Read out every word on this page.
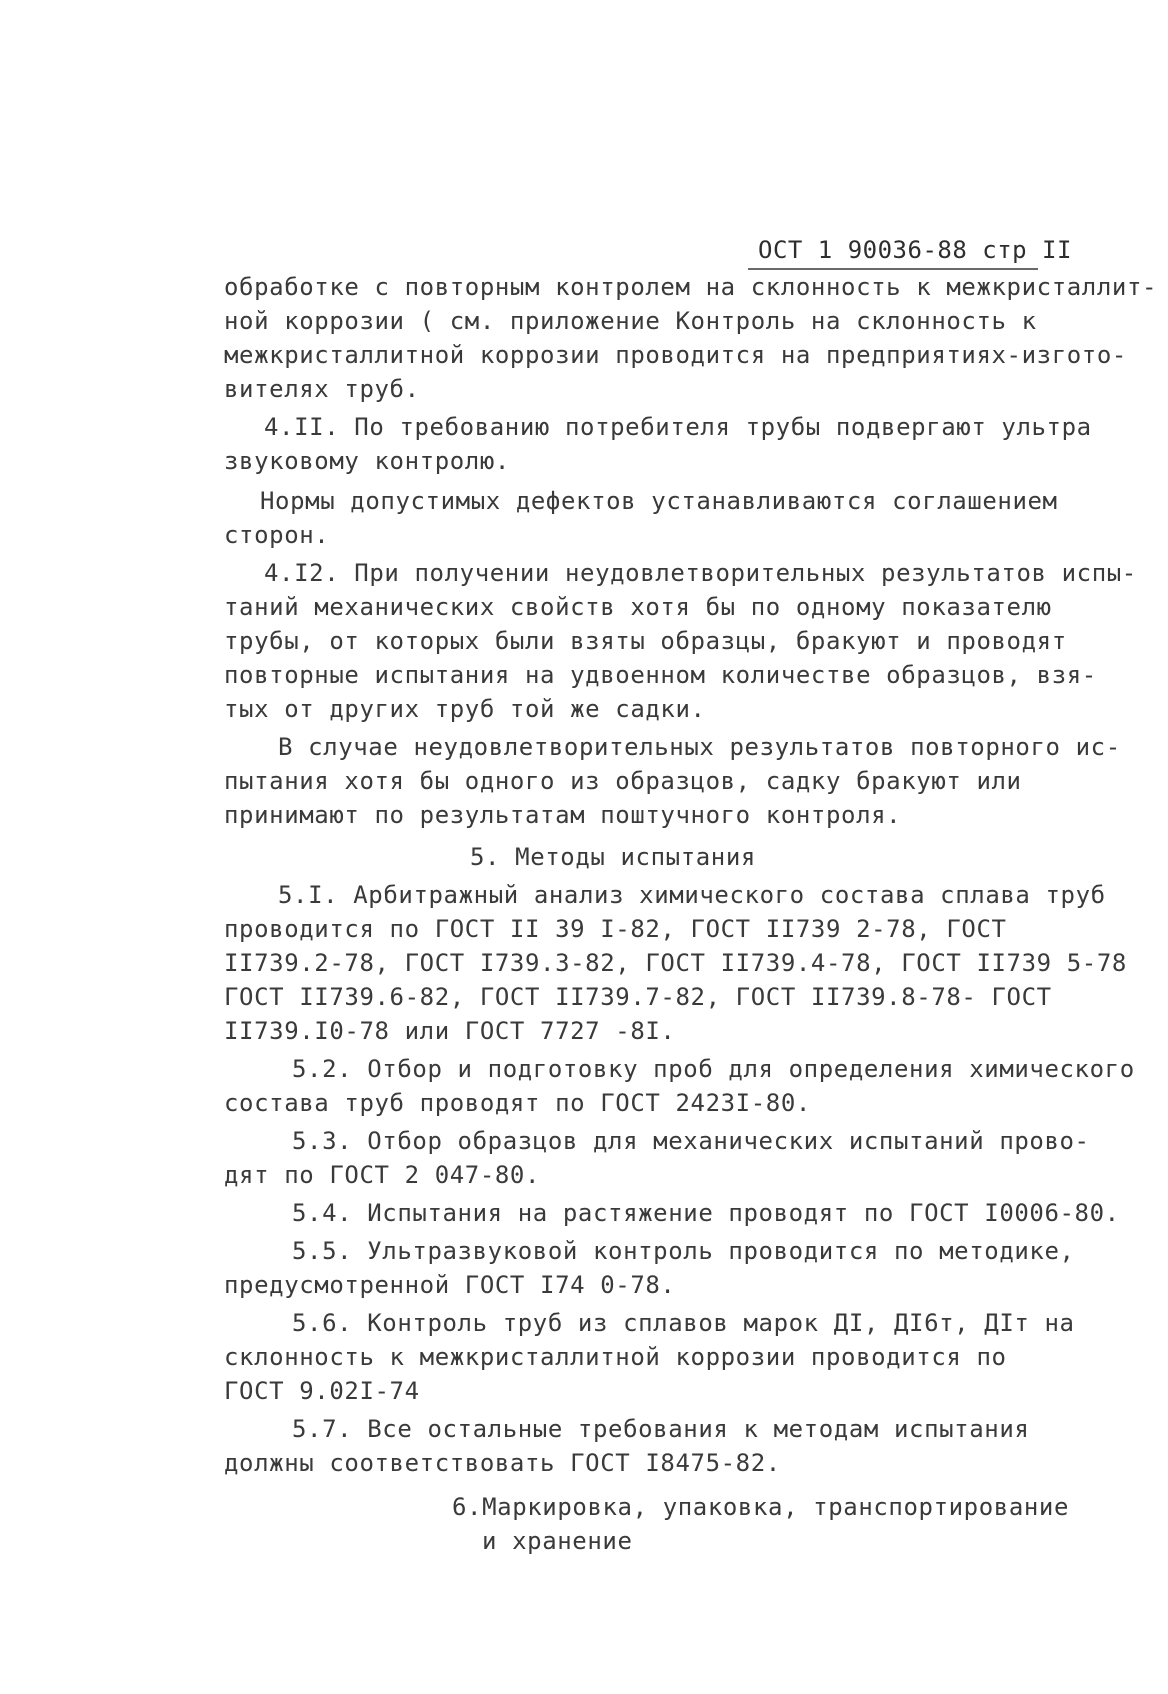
ОСТ 1 90036-88 стр II
обработке с повторным контролем на склонность к межкристаллит-
ной коррозии ( см. приложение Контроль на склонность к
межкристаллитной коррозии проводится на предприятиях-изгото-
вителях труб.
4.II. По требованию потребителя трубы подвергают ультра
звуковому контролю.
Нормы допустимых дефектов устанавливаются соглашением
сторон.
4.I2. При получении неудовлетворительных результатов испы-
таний механических свойств хотя бы по одному показателю
трубы, от которых были взяты образцы, бракуют и проводят
повторные испытания на удвоенном количестве образцов, взя-
тых от других труб той же садки.
В случае неудовлетворительных результатов повторного ис-
пытания хотя бы одного из образцов, садку бракуют или
принимают по результатам поштучного контроля.
5. Методы испытания
5.I. Арбитражный анализ химического состава сплава труб
проводится по ГОСТ II 39 I-82, ГОСТ II739 2-78, ГОСТ
II739.2-78, ГОСТ I739.3-82, ГОСТ II739.4-78, ГОСТ II739 5-78
ГОСТ II739.6-82, ГОСТ II739.7-82, ГОСТ II739.8-78- ГОСТ
II739.I0-78 или ГОСТ 7727 -8I.
5.2. Отбор и подготовку проб для определения химического
состава труб проводят по ГОСТ 2423I-80.
5.3. Отбор образцов для механических испытаний прово-
дят по ГОСТ 2 047-80.
5.4. Испытания на растяжение проводят по ГОСТ I0006-80.
5.5. Ультразвуковой контроль проводится по методике,
предусмотренной ГОСТ I74 0-78.
5.6. Контроль труб из сплавов марок ДI, ДI6т, ДIт на
склонность к межкристаллитной коррозии проводится по
ГОСТ 9.02I-74
5.7. Все остальные требования к методам испытания
должны соответствовать ГОСТ I8475-82.
6.Маркировка, упаковка, транспортирование
и хранение
